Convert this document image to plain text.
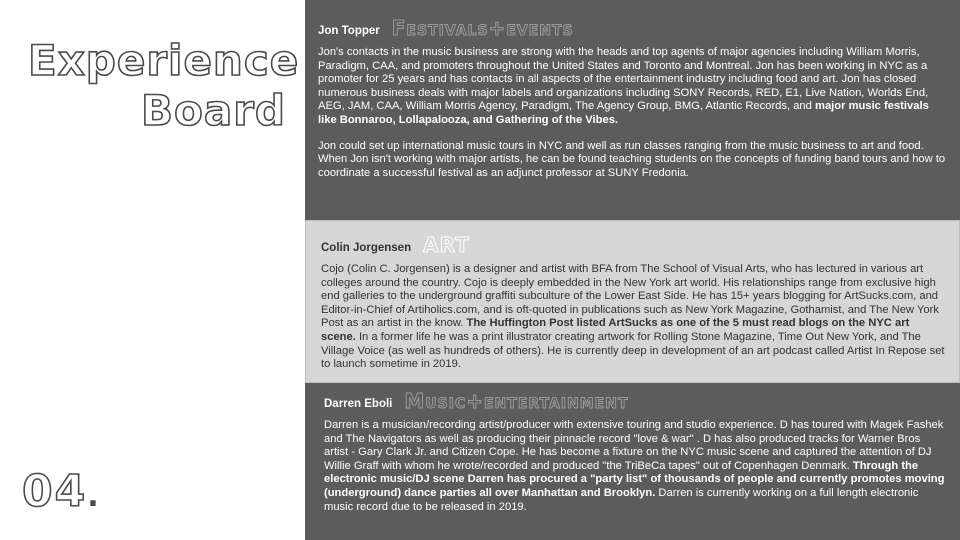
Experience
Board
04.
Jon Topper Festivals+events

Jon's contacts in the music business are strong with the heads and top agents of major agencies including William Morris, Paradigm, CAA, and promoters throughout the United States and Toronto and Montreal. Jon has been working in NYC as a promoter for 25 years and has contacts in all aspects of the entertainment industry including food and art. Jon has closed numerous business deals with major labels and organizations including SONY Records, RED, E1, Live Nation, Worlds End, AEG, JAM, CAA, William Morris Agency, Paradigm, The Agency Group, BMG, Atlantic Records, and major music festivals like Bonnaroo, Lollapalooza, and Gathering of the Vibes.

Jon could set up international music tours in NYC and well as run classes ranging from the music business to art and food. When Jon isn't working with major artists, he can be found teaching students on the concepts of funding band tours and how to coordinate a successful festival as an adjunct professor at SUNY Fredonia.

Colin Jorgensen ART

Cojo (Colin C. Jorgensen) is a designer and artist with BFA from The School of Visual Arts, who has lectured in various art colleges around the country. Cojo is deeply embedded in the New York art world. His relationships range from exclusive high end galleries to the underground graffiti subculture of the Lower East Side. He has 15+ years blogging for ArtSucks.com, and Editor-in-Chief of Artiholics.com, and is oft-quoted in publications such as New York Magazine, Gothamist, and The New York Post as an artist in the know. The Huffington Post listed ArtSucks as one of the 5 must read blogs on the NYC art scene. In a former life he was a print illustrator creating artwork for Rolling Stone Magazine, Time Out New York, and The Village Voice (as well as hundreds of others). He is currently deep in development of an art podcast called Artist In Repose set to launch sometime in 2019.

Darren Eboli Music+entertainment

Darren is a musician/recording artist/producer with extensive touring and studio experience. D has toured with Magek Fashek and The Navigators as well as producing their pinnacle record "love & war" . D has also produced tracks for Warner Bros artist - Gary Clark Jr. and Citizen Cope. He has become a fixture on the NYC music scene and captured the attention of DJ Willie Graff with whom he wrote/recorded and produced "the TriBeCa tapes" out of Copenhagen Denmark. Through the electronic music/DJ scene Darren has procured a "party list" of thousands of people and currently promotes moving (underground) dance parties all over Manhattan and Brooklyn. Darren is currently working on a full length electronic music record due to be released in 2019.
